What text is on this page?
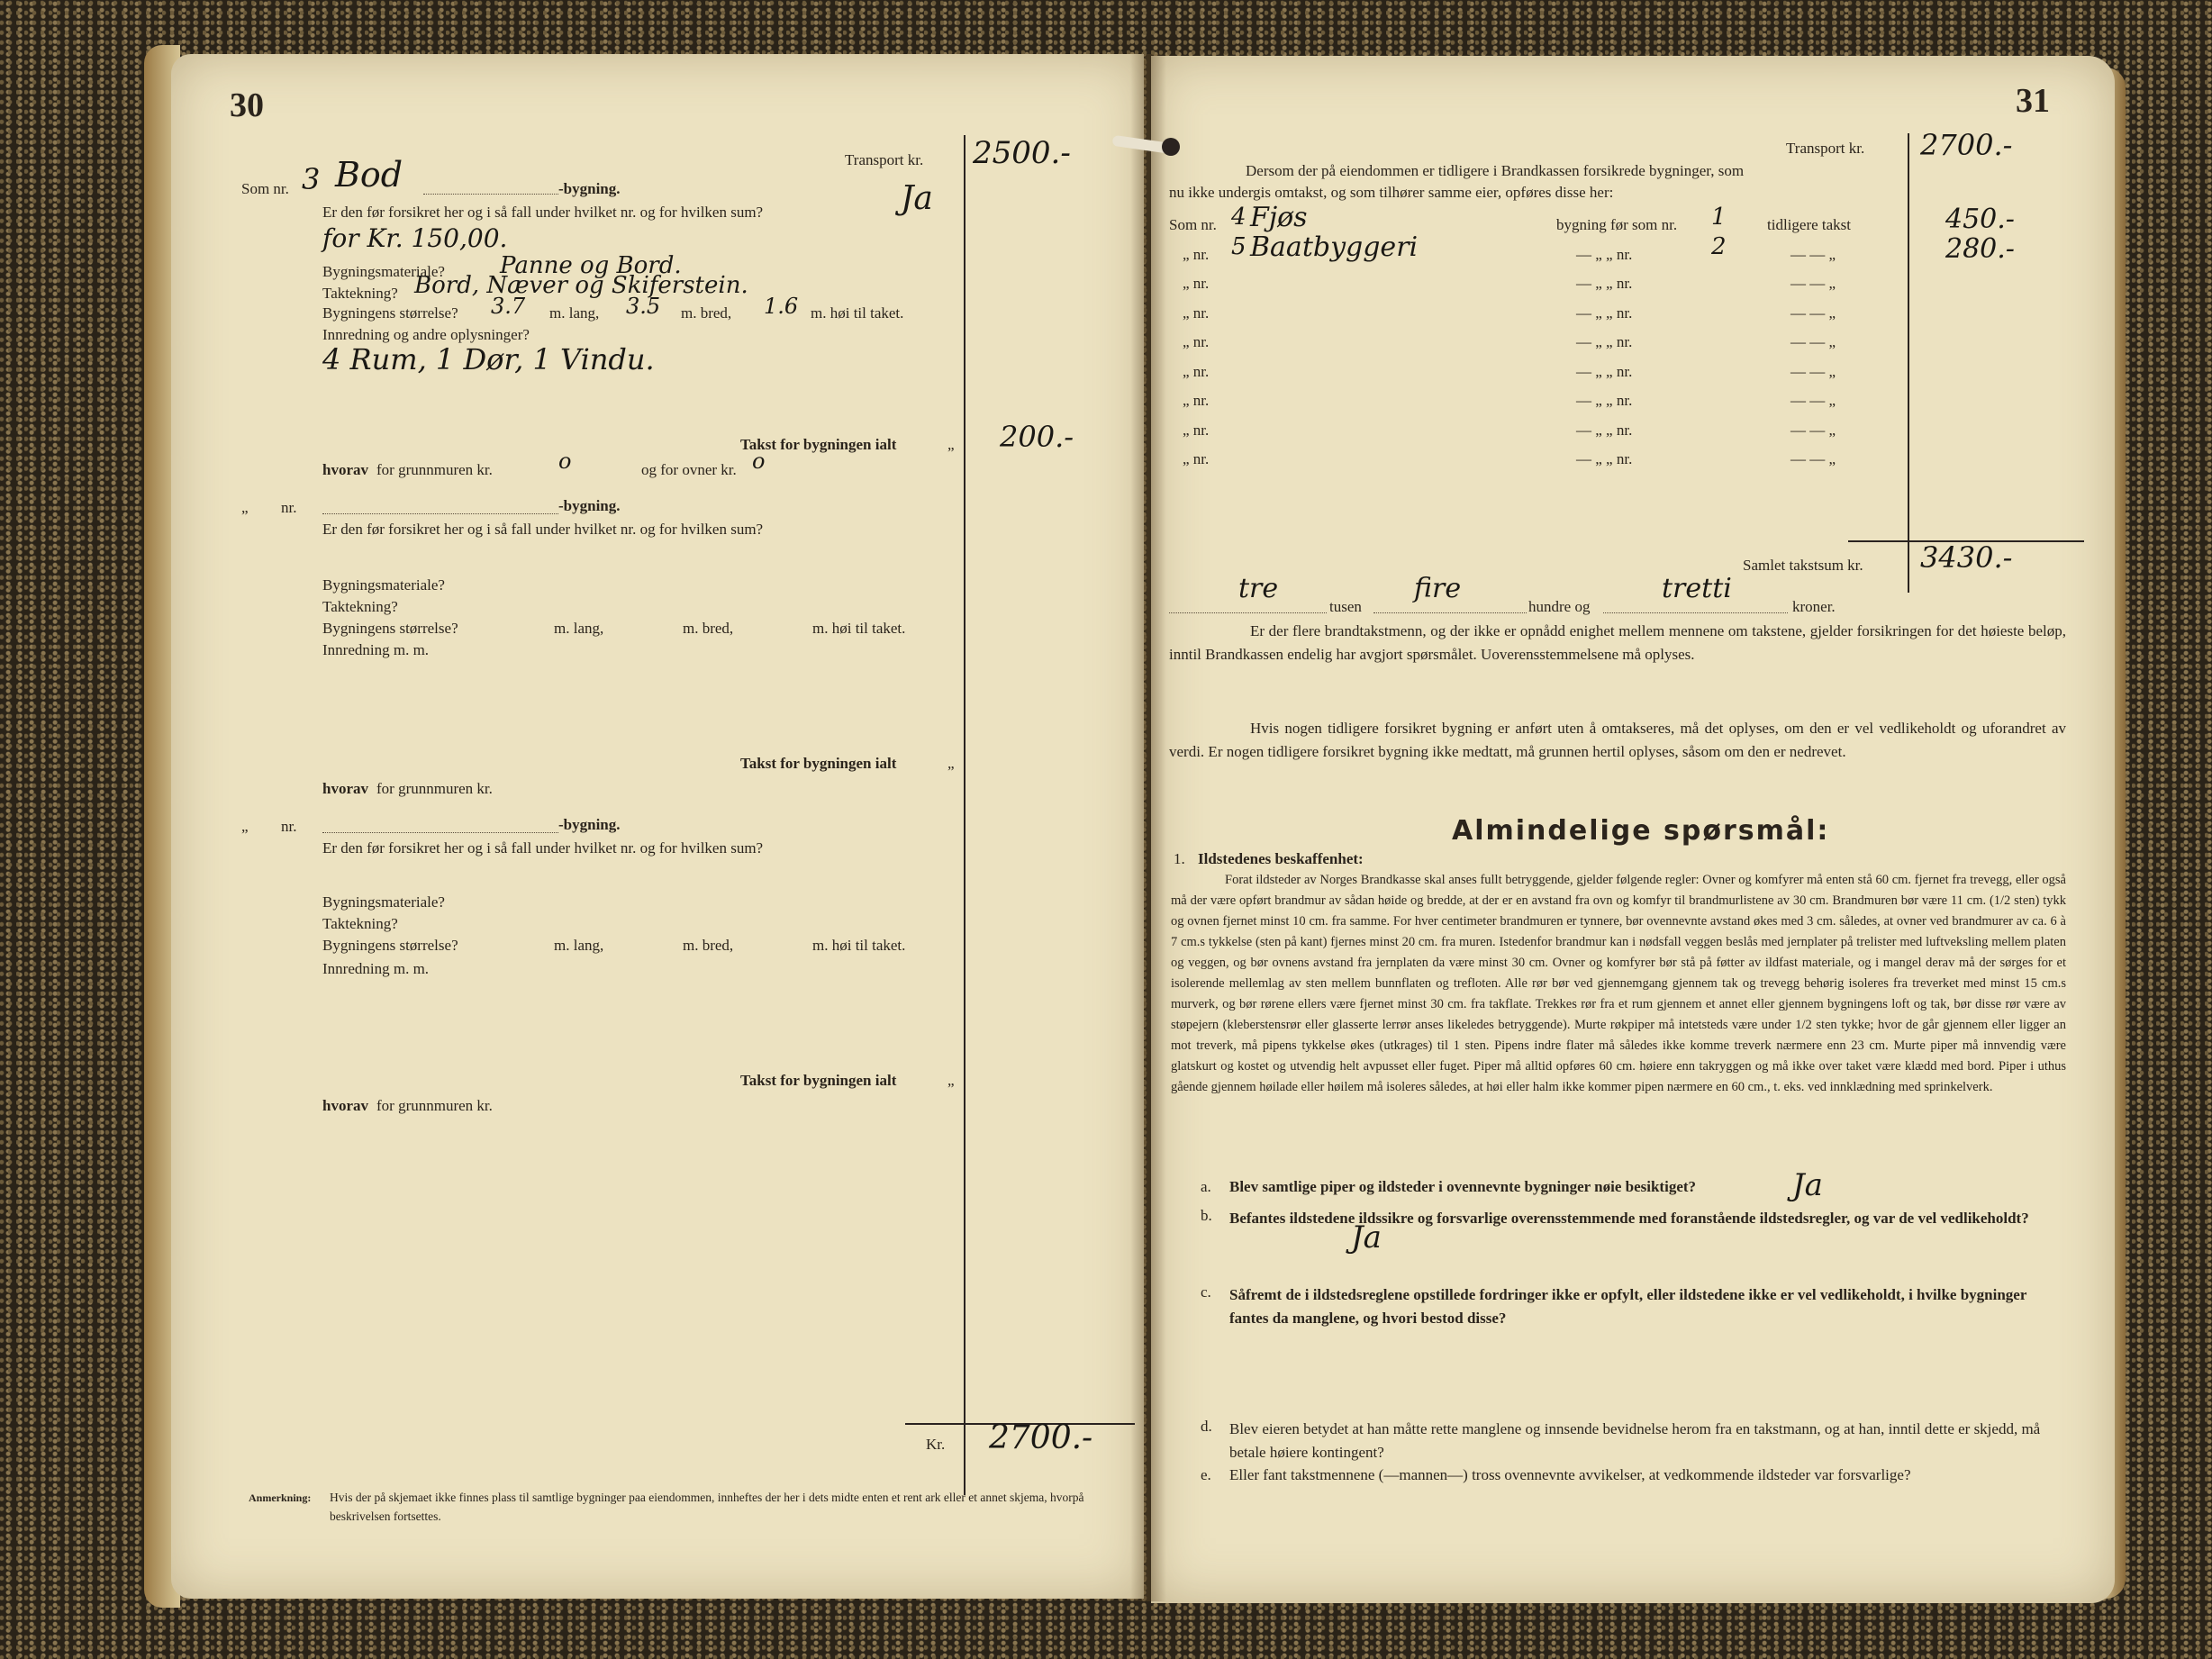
30
Transport kr. 2500.-
Som nr. 3 Bod	-bygning.
Er den før forsikret her og i så fall under hvilket nr. og for hvilken sum?	Ja
for Kr. 150,00.
Bygningsmateriale? Panne og Bord.
Taktekning? Bord, Næver og Skiferstein.
Bygningens størrelse? 3.7 m. lang, 3.5 m. bred, 1.6 m. høi til taket.
Innredning og andre oplysninger?
4 Rum, 1 Dør, 1 Vindu.
Takst for bygningen ialt	„ 200.-
hvorav for grunnmuren kr.	o	og for ovner kr. o
„ nr.	-bygning.
Er den før forsikret her og i så fall under hvilket nr. og for hvilken sum?
Bygningsmateriale?
Taktekning?
Bygningens størrelse?	m. lang,	m. bred,	m. høi til taket.
Innredning m. m.
Takst for bygningen ialt	„
hvorav for grunnmuren kr.
„ nr.	-bygning.
Er den før forsikret her og i så fall under hvilket nr. og for hvilken sum?
Bygningsmateriale?
Taktekning?
Bygningens størrelse?	m. lang,	m. bred,	m. høi til taket.
Innredning m. m.
Takst for bygningen ialt	„
hvorav for grunnmuren kr.
Kr. 2700.-
Anmerkning: Hvis der på skjemaet ikke finnes plass til samtlige bygninger paa eiendommen, innheftes der her i dets midte enten et rent ark eller et annet skjema, hvorpå beskrivelsen fortsettes.
31
Transport kr. 2700.-
Dersom der på eiendommen er tidligere i Brandkassen forsikrede bygninger, som
nu ikke undergis omtakst, og som tilhører samme eier, opføres disse her:
Som nr. 4 Fjøs	bygning før som nr. 1	tidligere takst	450.-
„ nr. 5 Baatbyggeri	— „ „ nr.	2	— — „	280.-
„ nr.	— „ „ nr.	— — „
„ nr.	— „ „ nr.	— — „
„ nr.	— „ „ nr.	— — „
„ nr.	— „ „ nr.	— — „
„ nr.	— „ „ nr.	— — „
„ nr.	— „ „ nr.	— — „
„ nr.	— „ „ nr.	— — „
Samlet takstsum kr. 3430.-
tre
tusen
fire
hundre og
tretti
kroner.
Er der flere brandtakstmenn, og der ikke er opnådd enighet mellem mennene om takstene, gjelder forsikringen for det høieste beløp, inntil Brandkassen endelig har avgjort spørsmålet. Uoverensstemmelsene må oplyses.
Hvis nogen tidligere forsikret bygning er anført uten å omtakseres, må det oplyses, om den er vel vedlikeholdt og uforandret av verdi. Er nogen tidligere forsikret bygning ikke medtatt, må grunnen hertil oplyses, såsom om den er nedrevet.
Almindelige spørsmål:
1. Ildstedenes beskaffenhet:
Forat ildsteder av Norges Brandkasse skal anses fullt betryggende, gjelder følgende regler: Ovner og komfyrer må enten stå 60 cm. fjernet fra trevegg, eller også må der være opført brandmur av sådan høide og bredde, at der er en avstand fra ovn og komfyr til brandmurlistene av 30 cm. Brandmuren bør være 11 cm. (1/2 sten) tykk og ovnen fjernet minst 10 cm. fra samme. For hver centimeter brandmuren er tynnere, bør ovennevnte avstand økes med 3 cm. således, at ovner ved brandmurer av ca. 6 à 7 cm.s tykkelse (sten på kant) fjernes minst 20 cm. fra muren. Istedenfor brandmur kan i nødsfall veggen beslås med jernplater på trelister med luftveksling mellem platen og veggen, og bør ovnens avstand fra jernplaten da være minst 30 cm. Ovner og komfyrer bør stå på føtter av ildfast materiale, og i mangel derav må der sørges for et isolerende mellemlag av sten mellem bunnflaten og trefloten. Alle rør bør ved gjennemgang gjennem tak og trevegg behørig isoleres fra treverket med minst 15 cm.s murverk, og bør rørene ellers være fjernet minst 30 cm. fra takflate. Trekkes rør fra et rum gjennem et annet eller gjennem bygningens loft og tak, bør disse rør være av støpejern (kleberstensrør eller glasserte lerrør anses likeledes betryggende). Murte røkpiper må intetsteds være under 1/2 sten tykke; hvor de går gjennem eller ligger an mot treverk, må pipens tykkelse økes (utkrages) til 1 sten. Pipens indre flater må således ikke komme treverk nærmere enn 23 cm. Murte piper må innvendig være glatskurt og kostet og utvendig helt avpusset eller fuget. Piper må alltid opføres 60 cm. høiere enn takryggen og må ikke over taket være klædd med bord. Piper i uthus gående gjennem høilade eller høilem må isoleres således, at høi eller halm ikke kommer pipen nærmere en 60 cm., t. eks. ved innklædning med sprinkelverk.
a. Blev samtlige piper og ildsteder i ovennevnte bygninger nøie besiktiget?	Ja
b. Befantes ildstedene ildssikre og forsvarlige overensstemmende med foranstående ildstedsregler, og var de vel vedlikeholdt?
Ja
c. Såfremt de i ildstedsreglene opstillede fordringer ikke er opfylt, eller ildstedene ikke er vel vedlikeholdt, i hvilke bygninger fantes da manglene, og hvori bestod disse?
d. Blev eieren betydet at han måtte rette manglene og innsende bevidnelse herom fra en takstmann, og at han, inntil dette er skjedd, må betale høiere kontingent?
e. Eller fant takstmennene (—mannen—) tross ovennevnte avvikelser, at vedkommende ildsteder var forsvarlige?
